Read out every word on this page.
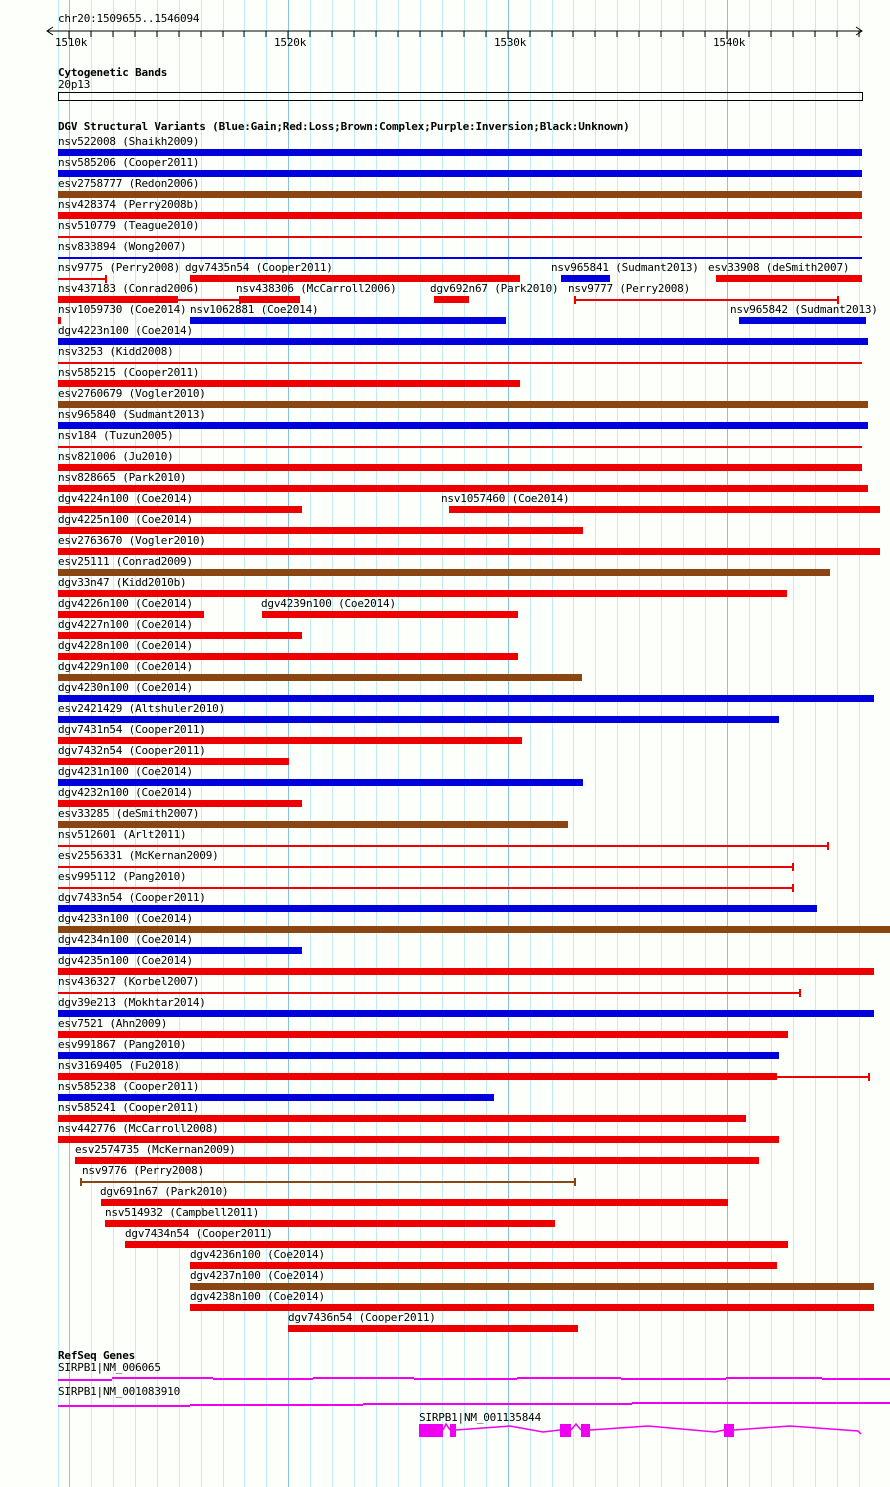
chr20:1509655..1546094
1510k	1520k	1530k	1540k
Cytogenetic Bands
20p13
DGV Structural Variants (Blue:Gain;Red:Loss;Brown:Complex;Purple:Inversion;Black:Unknown)
nsv522008 (Shaikh2009)
nsv585206 (Cooper2011)
esv2758777 (Redon2006)
nsv428374 (Perry2008b)
nsv510779 (Teague2010)
nsv833894 (Wong2007)
nsv9775 (Perry2008) dgv7435n54 (Cooper2011)	nsv965841 (Sudmant2013) esv33908 (deSmith2007)
nsv437183 (Conrad2006)	nsv438306 (McCarroll2006)	dgv692n67 (Park2010) nsv9777 (Perry2008)
nsv1059730 (Coe2014) nsv1062881 (Coe2014)	nsv965842 (Sudmant2013)
dgv4223n100 (Coe2014)
nsv3253 (Kidd2008)
nsv585215 (Cooper2011)
esv2760679 (Vogler2010)
nsv965840 (Sudmant2013)
nsv184 (Tuzun2005)
nsv821006 (Ju2010)
nsv828665 (Park2010)
dgv4224n100 (Coe2014)	nsv1057460 (Coe2014)
dgv4225n100 (Coe2014)
esv2763670 (Vogler2010)
esv25111 (Conrad2009)
dgv33n47 (Kidd2010b)
dgv4226n100 (Coe2014)	dgv4239n100 (Coe2014)
dgv4227n100 (Coe2014)
dgv4228n100 (Coe2014)
dgv4229n100 (Coe2014)
dgv4230n100 (Coe2014)
esv2421429 (Altshuler2010)
dgv7431n54 (Cooper2011)
dgv7432n54 (Cooper2011)
dgv4231n100 (Coe2014)
dgv4232n100 (Coe2014)
esv33285 (deSmith2007)
nsv512601 (Arlt2011)
esv2556331 (McKernan2009)
esv995112 (Pang2010)
dgv7433n54 (Cooper2011)
dgv4233n100 (Coe2014)
dgv4234n100 (Coe2014)
dgv4235n100 (Coe2014)
nsv436327 (Korbel2007)
dgv39e213 (Mokhtar2014)
esv7521 (Ahn2009)
esv991867 (Pang2010)
nsv3169405 (Fu2018)
nsv585238 (Cooper2011)
nsv585241 (Cooper2011)
nsv442776 (McCarroll2008)
esv2574735 (McKernan2009)
nsv9776 (Perry2008)
dgv691n67 (Park2010)
nsv514932 (Campbell2011)
dgv7434n54 (Cooper2011)
dgv4236n100 (Coe2014)
dgv4237n100 (Coe2014)
dgv4238n100 (Coe2014)
dgv7436n54 (Cooper2011)
RefSeq Genes
SIRPB1|NM_006065
SIRPB1|NM_001083910
SIRPB1|NM_001135844
